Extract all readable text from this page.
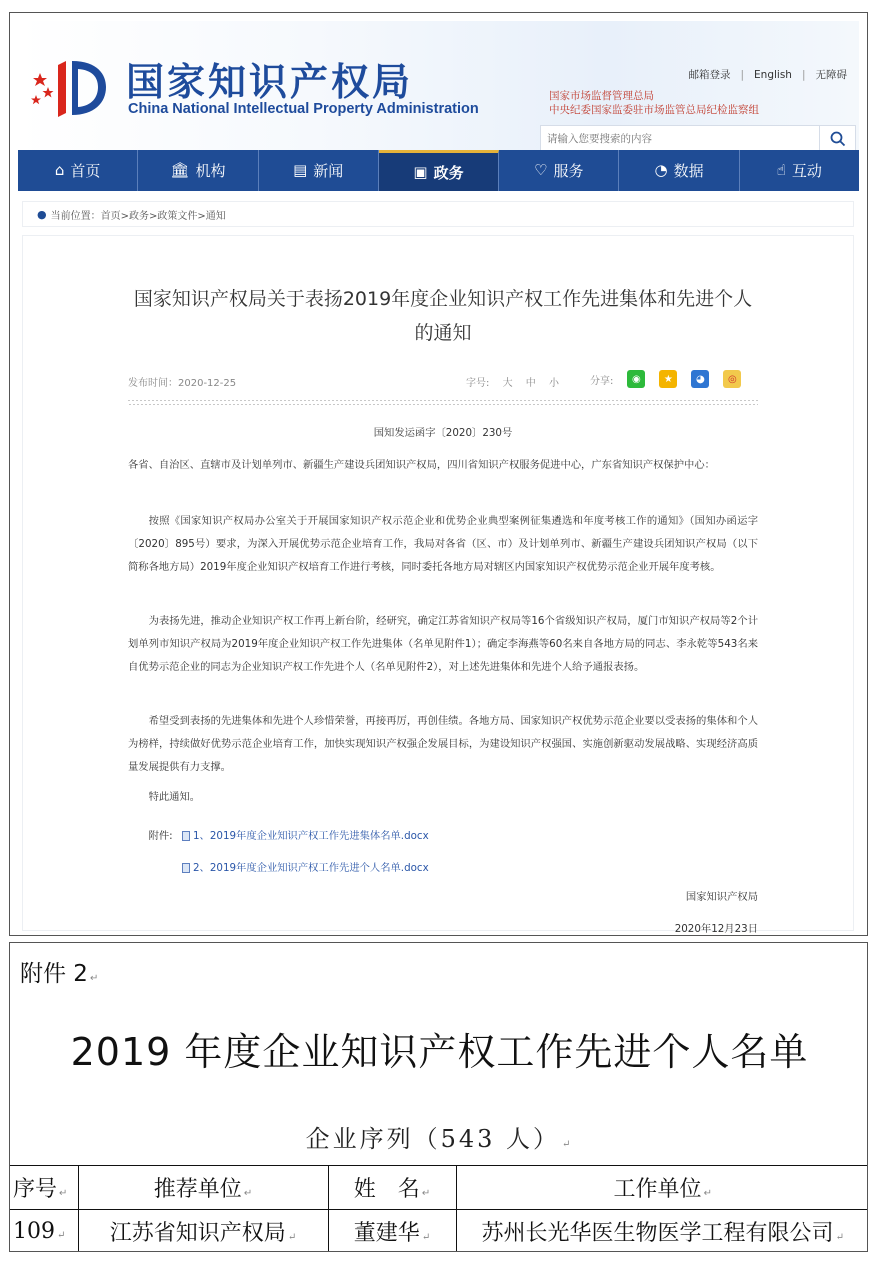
国家知识产权局
China National Intellectual Property Administration
邮箱登录 | English | 无障碍
国家市场监督管理总局
中央纪委国家监委驻市场监管总局纪检监察组
请输入您要搜索的内容
⌂ 首页	🏛 机构	▤ 新闻	▣ 政务	♡ 服务	◔ 数据	☝ 互动
● 当前位置：首页>政务>政策文件>通知
国家知识产权局关于表扬2019年度企业知识产权工作先进集体和先进个人的通知
发布时间：2020-12-25	字号: 大 中 小	分享:	◉	★	◕	◎
国知发运函字〔2020〕230号
各省、自治区、直辖市及计划单列市、新疆生产建设兵团知识产权局，四川省知识产权服务促进中心，广东省知识产权保护中心：
按照《国家知识产权局办公室关于开展国家知识产权示范企业和优势企业典型案例征集遴选和年度考核工作的通知》（国知办函运字〔2020〕895号）要求，为深入开展优势示范企业培育工作，我局对各省（区、市）及计划单列市、新疆生产建设兵团知识产权局（以下简称各地方局）2019年度企业知识产权培育工作进行考核，同时委托各地方局对辖区内国家知识产权优势示范企业开展年度考核。
为表扬先进，推动企业知识产权工作再上新台阶，经研究，确定江苏省知识产权局等16个省级知识产权局，厦门市知识产权局等2个计划单列市知识产权局为2019年度企业知识产权工作先进集体（名单见附件1）；确定李海燕等60名来自各地方局的同志、李永乾等543名来自优势示范企业的同志为企业知识产权工作先进个人（名单见附件2），对上述先进集体和先进个人给予通报表扬。
希望受到表扬的先进集体和先进个人珍惜荣誉，再接再厉，再创佳绩。各地方局、国家知识产权优势示范企业要以受表扬的集体和个人为榜样，持续做好优势示范企业培育工作，加快实现知识产权强企发展目标，为建设知识产权强国、实施创新驱动发展战略、实现经济高质量发展提供有力支撑。
特此通知。
附件: 1、2019年度企业知识产权工作先进集体名单.docx
2、2019年度企业知识产权工作先进个人名单.docx
国家知识产权局
2020年12月23日
附件 2 ↵
2019 年度企业知识产权工作先进个人名单
企业序列（543 人） ↵
序号 ↵	推荐单位 ↵	姓　名 ↵	工作单位 ↵
109 ↵	江苏省知识产权局 ↵	董建华 ↵	苏州长光华医生物医学工程有限公司 ↵
